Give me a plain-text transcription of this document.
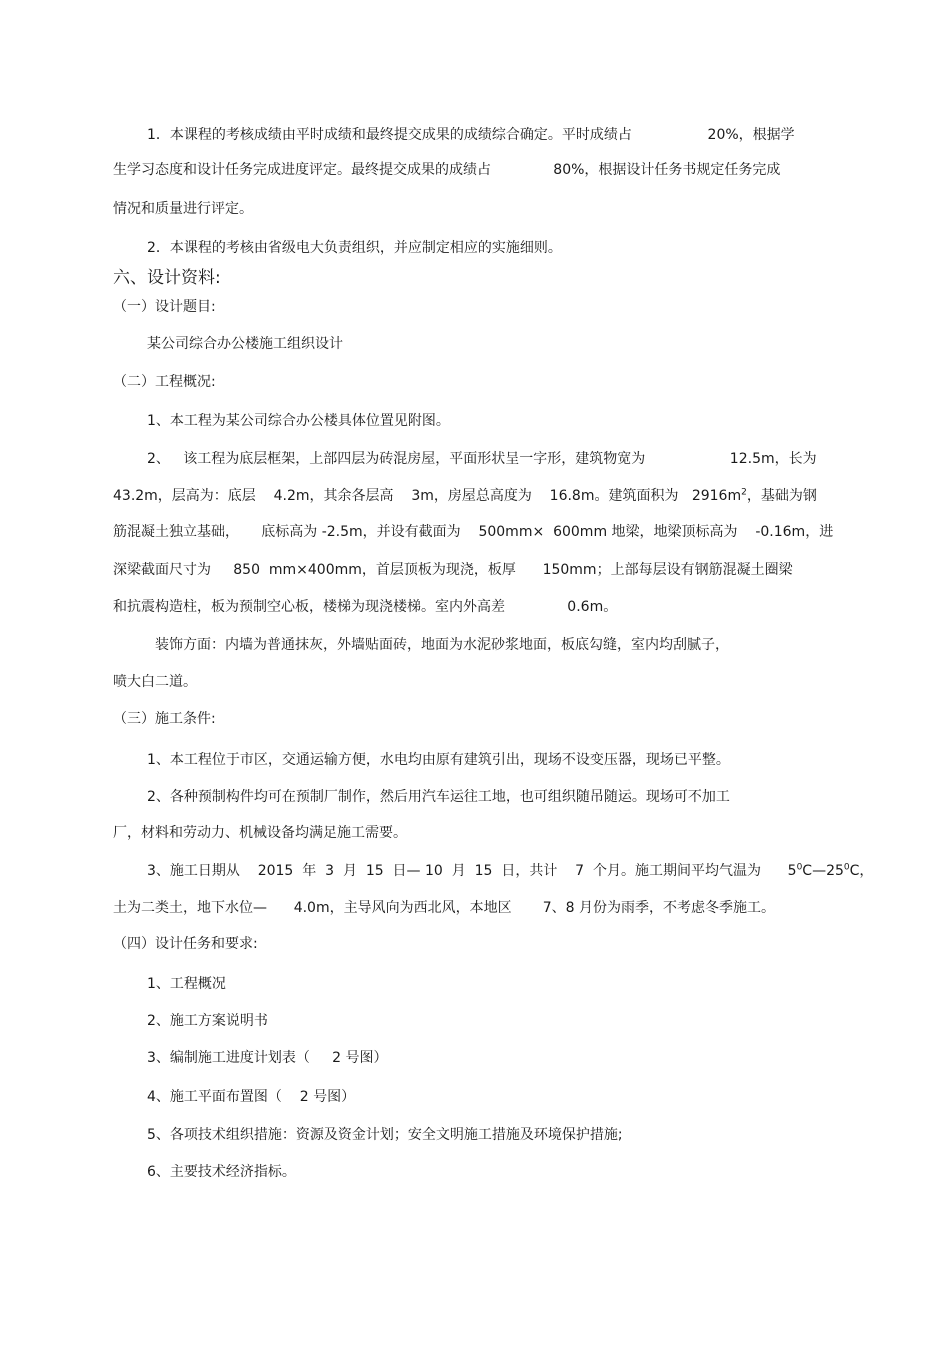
1．本课程的考核成绩由平时成绩和最终提交成果的成绩综合确定。平时成绩占                 20%，根据学
生学习态度和设计任务完成进度评定。最终提交成果的成绩占              80%，根据设计任务书规定任务完成
情况和质量进行评定。
2．本课程的考核由省级电大负责组织，并应制定相应的实施细则。
六、设计资料:
（一）设计题目:
某公司综合办公楼施工组织设计
（二）工程概况:
1、本工程为某公司综合办公楼具体位置见附图。
2、   该工程为底层框架，上部四层为砖混房屋，平面形状呈一字形，建筑物宽为                   12.5m，长为
43.2m，层高为：底层    4.2m，其余各层高    3m，房屋总高度为    16.8m。建筑面积为   $2916m^2$，基础为钢
筋混凝土独立基础，     底标高为 -2.5m，并设有截面为    500mm×  600mm 地梁，地梁顶标高为    -0.16m，进
深梁截面尺寸为     850  mm×400mm，首层顶板为现浇，板厚      150mm；上部每层设有钢筋混凝土圈梁
和抗震构造柱，板为预制空心板，楼梯为现浇楼梯。室内外高差              0.6m。
装饰方面：内墙为普通抹灰，外墙贴面砖，地面为水泥砂浆地面，板底勾缝，室内均刮腻子，
喷大白二道。
（三）施工条件:
1、本工程位于市区，交通运输方便，水电均由原有建筑引出，现场不设变压器，现场已平整。
2、各种预制构件均可在预制厂制作，然后用汽车运往工地，也可组织随吊随运。现场可不加工
厂，材料和劳动力、机械设备均满足施工需要。
3、施工日期从    2015  年  3  月  15  日— 10  月  15  日，共计    7  个月。施工期间平均气温为      $5^0C—25^0C$，
土为二类土，地下水位—      4.0m，主导风向为西北风，本地区       7、8 月份为雨季，不考虑冬季施工。
（四）设计任务和要求:
1、工程概况
2、施工方案说明书
3、编制施工进度计划表（     2 号图）
4、施工平面布置图（    2 号图）
5、各项技术组织措施：资源及资金计划；安全文明施工措施及环境保护措施;
6、主要技术经济指标。
